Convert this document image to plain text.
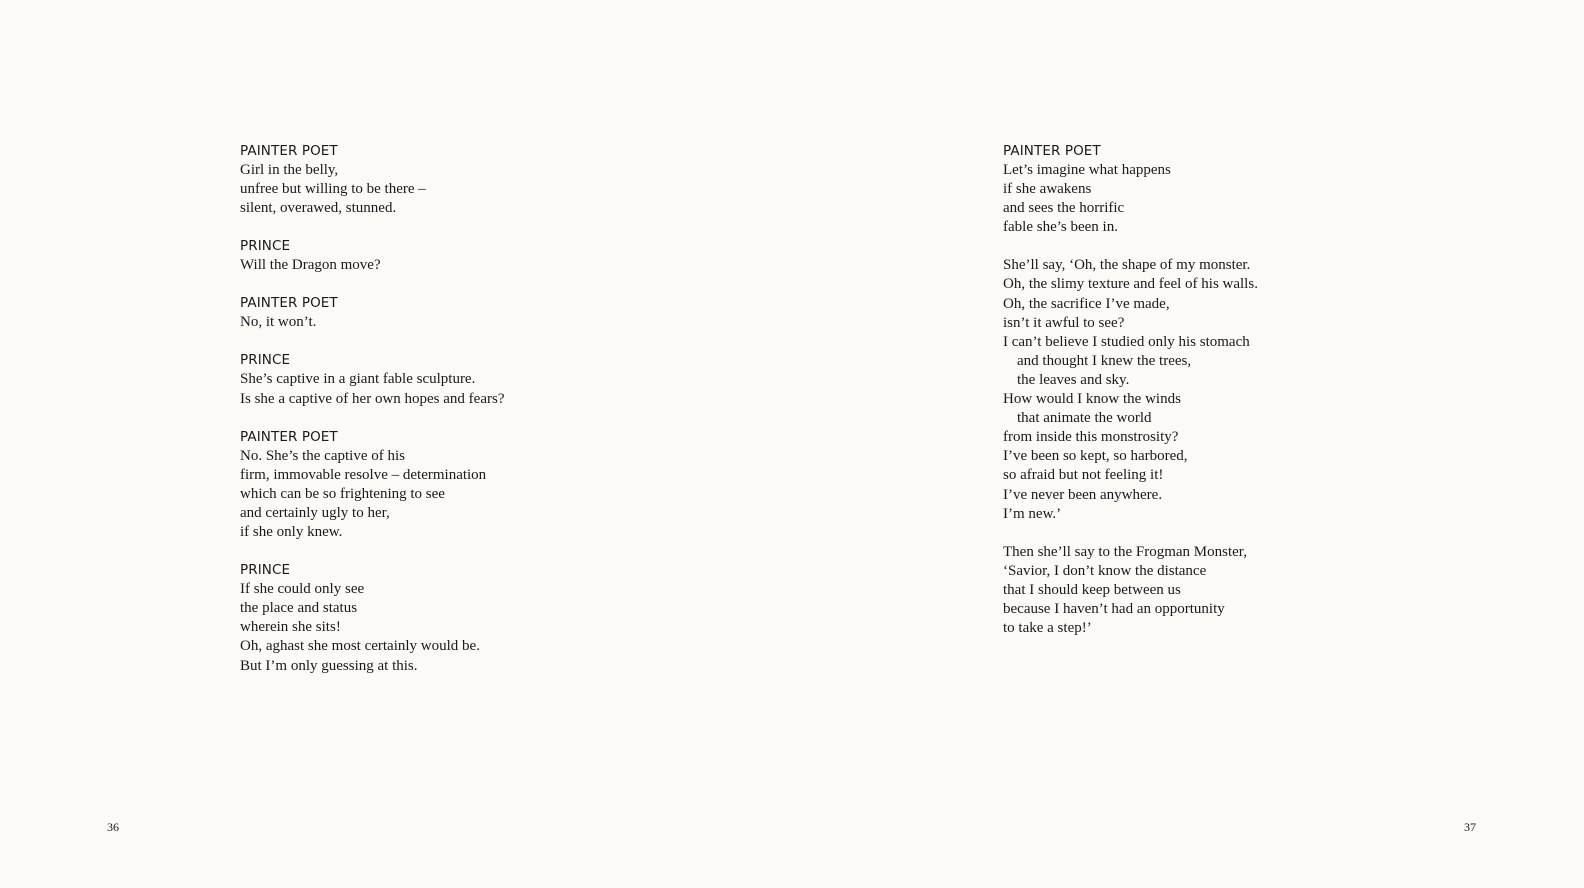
PAINTER POET
Girl in the belly,
unfree but willing to be there –
silent, overawed, stunned.
PRINCE
Will the Dragon move?
PAINTER POET
No, it won’t.
PRINCE
She’s captive in a giant fable sculpture.
Is she a captive of her own hopes and fears?
PAINTER POET
No. She’s the captive of his
firm, immovable resolve – determination
which can be so frightening to see
and certainly ugly to her,
if she only knew.
PRINCE
If she could only see
the place and status
wherein she sits!
Oh, aghast she most certainly would be.
But I’m only guessing at this.
36
PAINTER POET
Let’s imagine what happens
if she awakens
and sees the horrific
fable she’s been in.
She’ll say, ‘Oh, the shape of my monster.
Oh, the slimy texture and feel of his walls.
Oh, the sacrifice I’ve made,
isn’t it awful to see?
I can’t believe I studied only his stomach
and thought I knew the trees,
the leaves and sky.
How would I know the winds
that animate the world
from inside this monstrosity?
I’ve been so kept, so harbored,
so afraid but not feeling it!
I’ve never been anywhere.
I’m new.’
Then she’ll say to the Frogman Monster,
‘Savior, I don’t know the distance
that I should keep between us
because I haven’t had an opportunity
to take a step!’
37
